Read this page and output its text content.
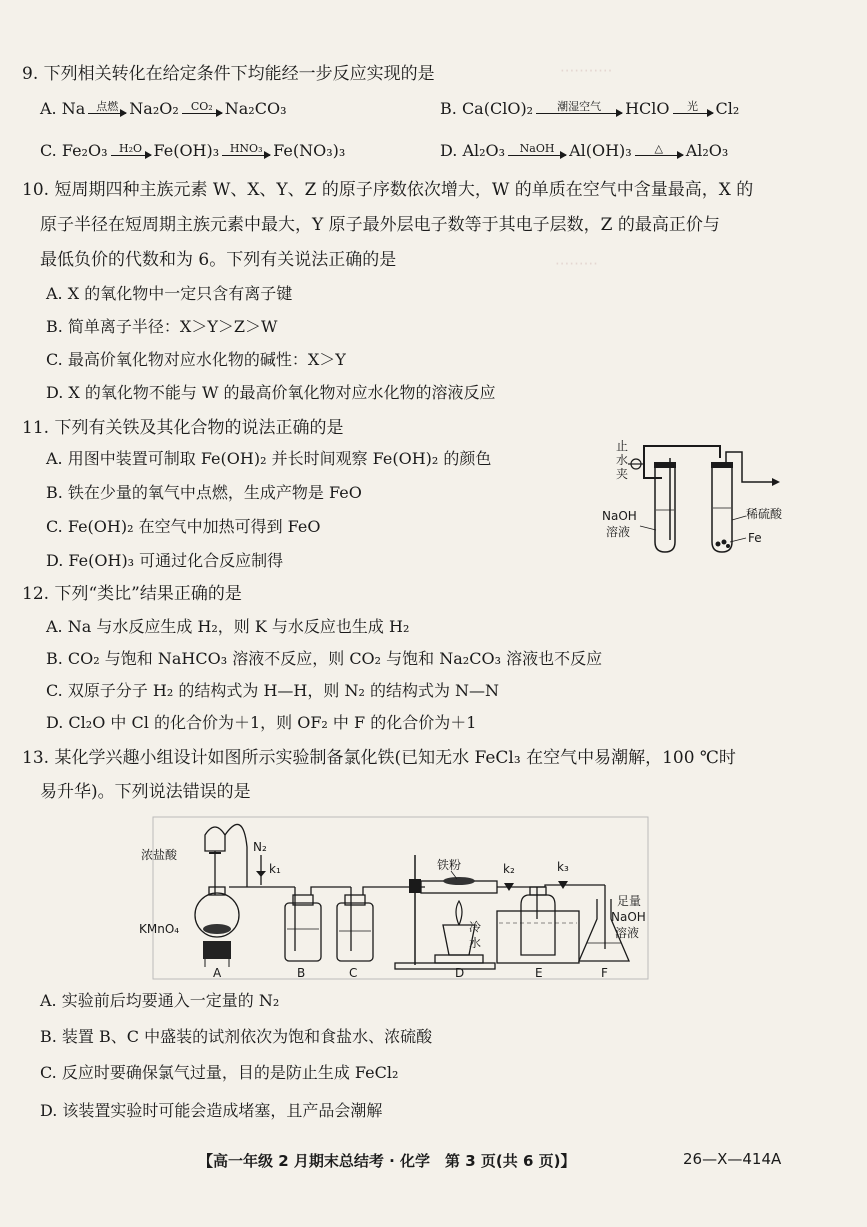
···········
·········
9. 下列相关转化在给定条件下均能经一步反应实现的是
A.
Na 点燃 Na₂O₂ CO₂ Na₂CO₃	B.
Ca(ClO)₂ 潮湿空气 HClO 光 Cl₂
C.
Fe₂O₃ H₂O Fe(OH)₃ HNO₃ Fe(NO₃)₃	D.
Al₂O₃ NaOH Al(OH)₃ △ Al₂O₃
10. 短周期四种主族元素 W、X、Y、Z 的原子序数依次增大，W 的单质在空气中含量最高，X 的
原子半径在短周期主族元素中最大，Y 原子最外层电子数等于其电子层数，Z 的最高正价与
最低负价的代数和为 6。下列有关说法正确的是
A. X 的氧化物中一定只含有离子键
B. 简单离子半径：X＞Y＞Z＞W
C. 最高价氧化物对应水化物的碱性：X＞Y
D. X 的氧化物不能与 W 的最高价氧化物对应水化物的溶液反应
11. 下列有关铁及其化合物的说法正确的是
A. 用图中装置可制取 Fe(OH)₂ 并长时间观察 Fe(OH)₂ 的颜色
B. 铁在少量的氧气中点燃，生成产物是 FeO
C. Fe(OH)₂ 在空气中加热可得到 FeO
D. Fe(OH)₃ 可通过化合反应制得
止
水
夹
NaOH
溶液
稀硫酸
Fe
12. 下列“类比”结果正确的是
A. Na 与水反应生成 H₂，则 K 与水反应也生成 H₂
B. CO₂ 与饱和 NaHCO₃ 溶液不反应，则 CO₂ 与饱和 Na₂CO₃ 溶液也不反应
C. 双原子分子 H₂ 的结构式为 H—H，则 N₂ 的结构式为 N—N
D. Cl₂O 中 Cl 的化合价为＋1，则 OF₂ 中 F 的化合价为＋1
13. 某化学兴趣小组设计如图所示实验制备氯化铁(已知无水 FeCl₃ 在空气中易潮解，100 ℃时
易升华)。下列说法错误的是
浓盐酸
KMnO₄
A
N₂
k₁
B	C
铁粉
D
k₂
冷
水
E
k₃
F
足量
NaOH
溶液
A. 实验前后均要通入一定量的 N₂
B. 装置 B、C 中盛装的试剂依次为饱和食盐水、浓硫酸
C. 反应时要确保氯气过量，目的是防止生成 FeCl₂
D. 该装置实验时可能会造成堵塞，且产品会潮解
【高一年级 2 月期末总结考 · 化学　第 3 页(共 6 页)】	26—X—414A
